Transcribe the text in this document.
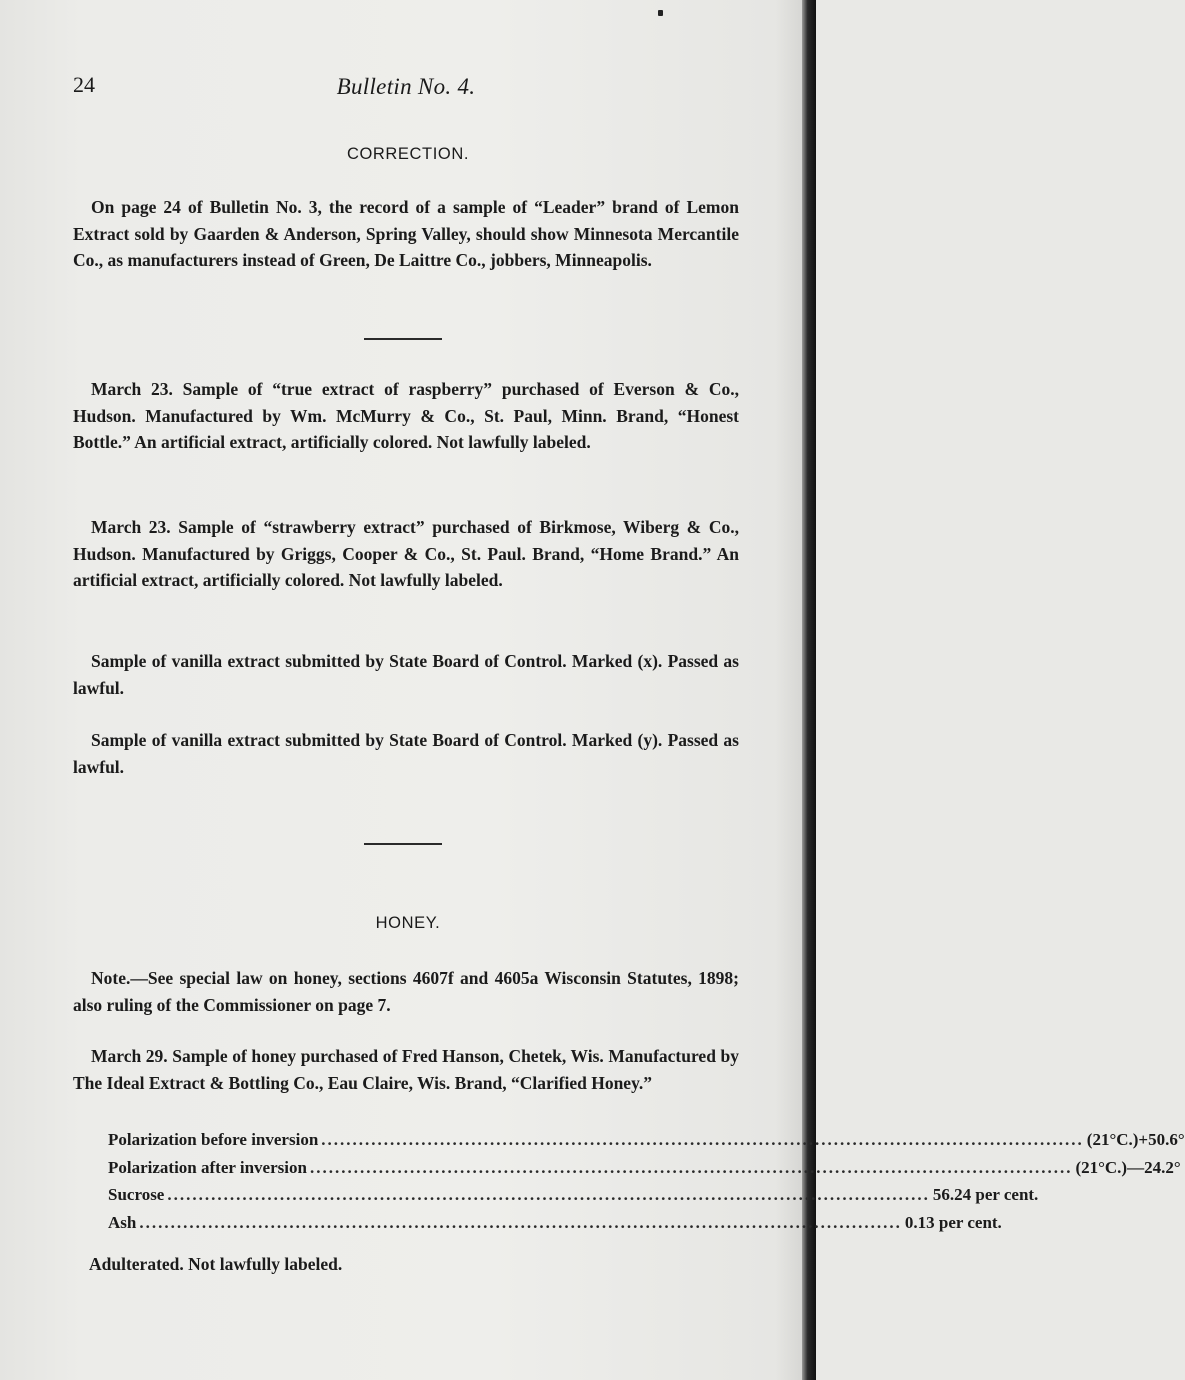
24	Bulletin No. 4.
CORRECTION.
On page 24 of Bulletin No. 3, the record of a sample of “Leader” brand of Lemon Extract sold by Gaarden & Anderson, Spring Valley, should show Minnesota Mercantile Co., as manufacturers instead of Green, De Laittre Co., jobbers, Minneapolis.
March 23. Sample of “true extract of raspberry” purchased of Everson & Co., Hudson. Manufactured by Wm. McMurry & Co., St. Paul, Minn. Brand, “Honest Bottle.” An artificial extract, artificially colored. Not lawfully labeled.
March 23. Sample of “strawberry extract” purchased of Birkmose, Wiberg & Co., Hudson. Manufactured by Griggs, Cooper & Co., St. Paul. Brand, “Home Brand.” An artificial extract, artificially colored. Not lawfully labeled.
Sample of vanilla extract submitted by State Board of Control. Marked (x). Passed as lawful.
Sample of vanilla extract submitted by State Board of Control. Marked (y). Passed as lawful.
HONEY.
Note.—See special law on honey, sections 4607f and 4605a Wisconsin Statutes, 1898; also ruling of the Commissioner on page 7.
March 29. Sample of honey purchased of Fred Hanson, Chetek, Wis. Manufactured by The Ideal Extract & Bottling Co., Eau Claire, Wis. Brand, “Clarified Honey.”
Polarization before inversion .......................................................................................................................... (21°C.)+50.6°
Polarization after inversion .......................................................................................................................... (21°C.)—24.2°
Sucrose .......................................................................................................................... 56.24 per cent.
Ash .......................................................................................................................... 0.13 per cent.
Adulterated. Not lawfully labeled.
